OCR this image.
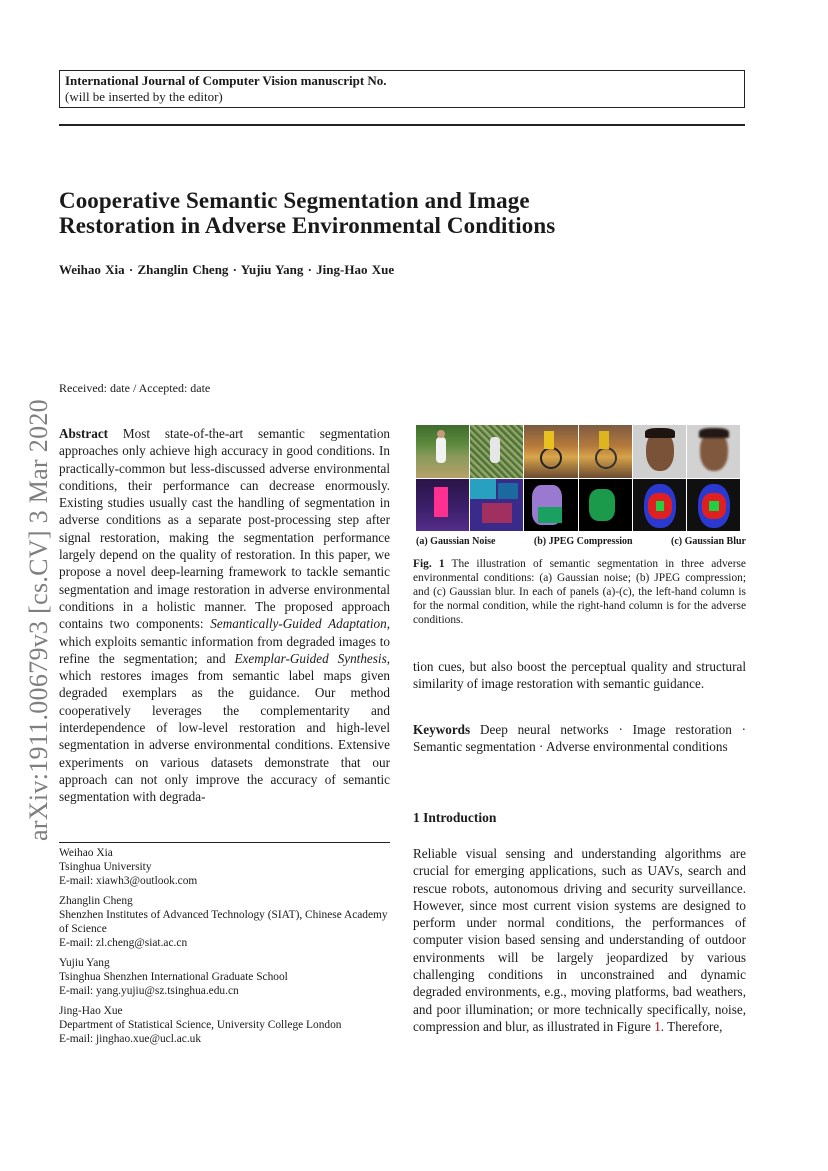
International Journal of Computer Vision manuscript No.
(will be inserted by the editor)
Cooperative Semantic Segmentation and Image
Restoration in Adverse Environmental Conditions
Weihao Xia · Zhanglin Cheng · Yujiu Yang · Jing-Hao Xue
arXiv:1911.00679v3 [cs.CV] 3 Mar 2020
Received: date / Accepted: date
Abstract Most state-of-the-art semantic segmentation approaches only achieve high accuracy in good conditions. In practically-common but less-discussed adverse environmental conditions, their performance can decrease enormously. Existing studies usually cast the handling of segmentation in adverse conditions as a separate post-processing step after signal restoration, making the segmentation performance largely depend on the quality of restoration. In this paper, we propose a novel deep-learning framework to tackle semantic segmentation and image restoration in adverse environmental conditions in a holistic manner. The proposed approach contains two components: Semantically-Guided Adaptation, which exploits semantic information from degraded images to refine the segmentation; and Exemplar-Guided Synthesis, which restores images from semantic label maps given degraded exemplars as the guidance. Our method cooperatively leverages the complementarity and interdependence of low-level restoration and high-level segmentation in adverse environmental conditions. Extensive experiments on various datasets demonstrate that our approach can not only improve the accuracy of semantic segmentation with degrada-
Weihao Xia
Tsinghua University
E-mail: xiawh3@outlook.com
Zhanglin Cheng
Shenzhen Institutes of Advanced Technology (SIAT), Chinese Academy of Science
E-mail: zl.cheng@siat.ac.cn
Yujiu Yang
Tsinghua Shenzhen International Graduate School
E-mail: yang.yujiu@sz.tsinghua.edu.cn
Jing-Hao Xue
Department of Statistical Science, University College London
E-mail: jinghao.xue@ucl.ac.uk
(a) Gaussian Noise	(b) JPEG Compression	(c) Gaussian Blur
Fig. 1 The illustration of semantic segmentation in three adverse environmental conditions: (a) Gaussian noise; (b) JPEG compression; and (c) Gaussian blur. In each of panels (a)-(c), the left-hand column is for the normal condition, while the right-hand column is for the adverse conditions.
tion cues, but also boost the perceptual quality and structural similarity of image restoration with semantic guidance.
Keywords Deep neural networks · Image restoration · Semantic segmentation · Adverse environmental conditions
1 Introduction
Reliable visual sensing and understanding algorithms are crucial for emerging applications, such as UAVs, search and rescue robots, autonomous driving and security surveillance. However, since most current vision systems are designed to perform under normal conditions, the performances of computer vision based sensing and understanding of outdoor environments will be largely jeopardized by various challenging conditions in unconstrained and dynamic degraded environments, e.g., moving platforms, bad weathers, and poor illumination; or more technically specifically, noise, compression and blur, as illustrated in Figure 1. Therefore,
